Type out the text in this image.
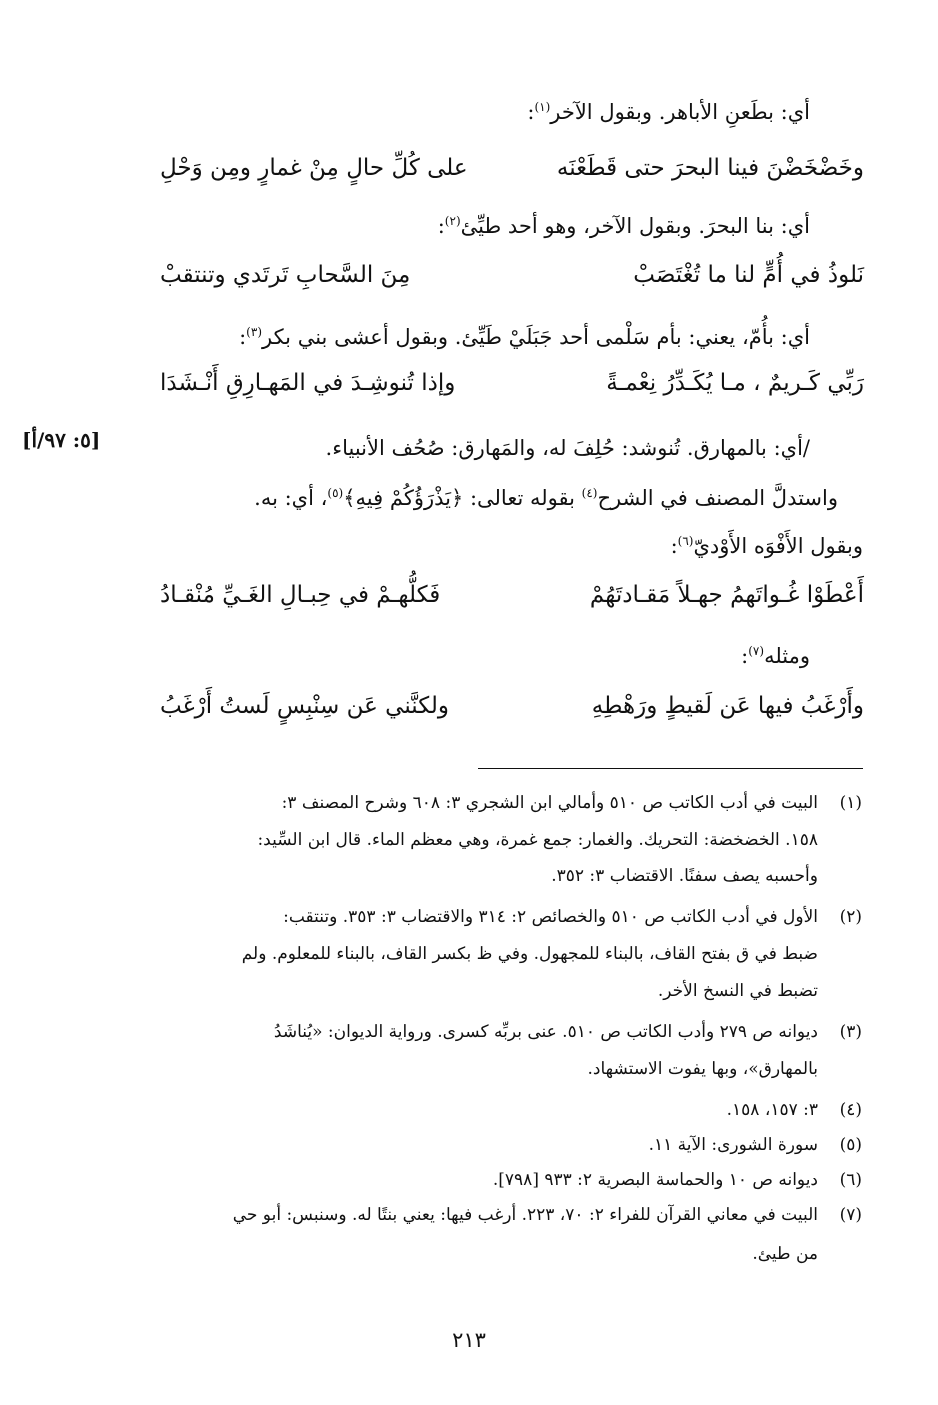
[٥: ٩٧/أ]
أي: بطَعنِ الأباهر. وبقول الآخر$^{(١)}$:
وخَضْخَضْنَ فينا البحرَ حتى قَطَعْنَه
على كُلِّ حالٍ مِنْ غمارٍ ومِن وَحْلِ
أي: بنا البحرَ. وبقول الآخر، وهو أحد طيِّئ$^{(٢)}$:
نَلوذُ في أُمٍّ لنا ما تُغْتَصَبْ
مِنَ السَّحابِ تَرتَدي وتنتقبْ
أي: بأُمّ، يعني: بأم سَلْمى أحد جَبَلَيْ طَيِّئ. وبقول أعشى بني بكر$^{(٣)}$:
رَبِّي كَـريمٌ ، مـا يُكَـدِّرُ نِعْمـةً
وإذا تُنوشِـدَ في المَهـارِقِ أَنْـشَدَا
/أي: بالمهارق. تُنوشد: حُلِفَ له، والمَهارق: صُحُف الأنبياء.
واستدلَّ المصنف في الشرح$^{(٤)}$ بقوله تعالى: ﴿يَذْرَؤُكُمْ فِيهِ﴾$^{(٥)}$، أي: به.
وبقول الأَفْوَه الأَوْديّ$^{(٦)}$:
أَعْطَوْا غُـواتَهمُ جهـلاً مَقـادتَهُمْ
فَكلُّهـمْ في حِبـالِ الغَـيِّ مُنْقـادُ
ومثله$^{(٧)}$:
وأَرْغَبُ فيها عَن لَقيطٍ ورَهْطِهِ
ولكنَّني عَن سِنْبِسٍ لَستُ أَرْغَبُ
(١)البيت في أدب الكاتب ص ٥١٠ وأمالي ابن الشجري ٣: ٦٠٨ وشرح المصنف ٣:
١٥٨. الخضخضة: التحريك. والغمار: جمع غمرة، وهي معظم الماء. قال ابن السِّيد:
وأحسبه يصف سفنًا. الاقتضاب ٣: ٣٥٢.
(٢)الأول في أدب الكاتب ص ٥١٠ والخصائص ٢: ٣١٤ والاقتضاب ٣: ٣٥٣. وتنتقب:
ضبط في ق بفتح القاف، بالبناء للمجهول. وفي ظ بكسر القاف، بالبناء للمعلوم. ولم
تضبط في النسخ الأخر.
(٣)ديوانه ص ٢٧٩ وأدب الكاتب ص ٥١٠. عنى بربِّه كسرى. ورواية الديوان: «يُناشَدُ
بالمهارق»، وبها يفوت الاستشهاد.
(٤)٣: ١٥٧، ١٥٨.
(٥)سورة الشورى: الآية ١١.
(٦)ديوانه ص ١٠ والحماسة البصرية ٢: ٩٣٣ [٧٩٨].
(٧)البيت في معاني القرآن للفراء ٢: ٧٠، ٢٢٣. أرغب فيها: يعني بنتًا له. وسنبس: أبو حي
من طيئ.
٢١٣
